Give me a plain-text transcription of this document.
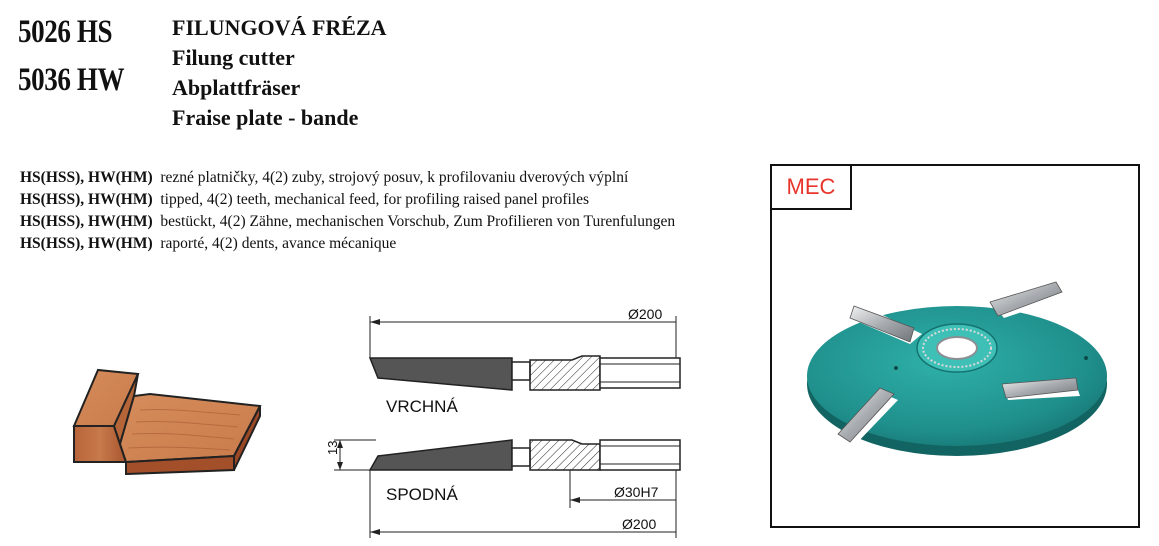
5026 HS
5036 HW
FILUNGOVÁ FRÉZA
Filung cutter
Abplattfräser
Fraise plate - bande

HS(HSS), HW(HM) rezné platničky, 4(2) zuby, strojový posuv, k profilovaniu dverových výplní

HS(HSS), HW(HM) tipped, 4(2) teeth, mechanical feed, for profiling raised panel profiles

HS(HSS), HW(HM) bestückt, 4(2) Zähne, mechanischen Vorschub, Zum Profilieren von Turenfulungen

HS(HSS), HW(HM) raporté, 4(2) dents, avance mécanique

Ø200
VRCHNÁ
13
SPODNÁ	Ø30H7
Ø200
MEC
